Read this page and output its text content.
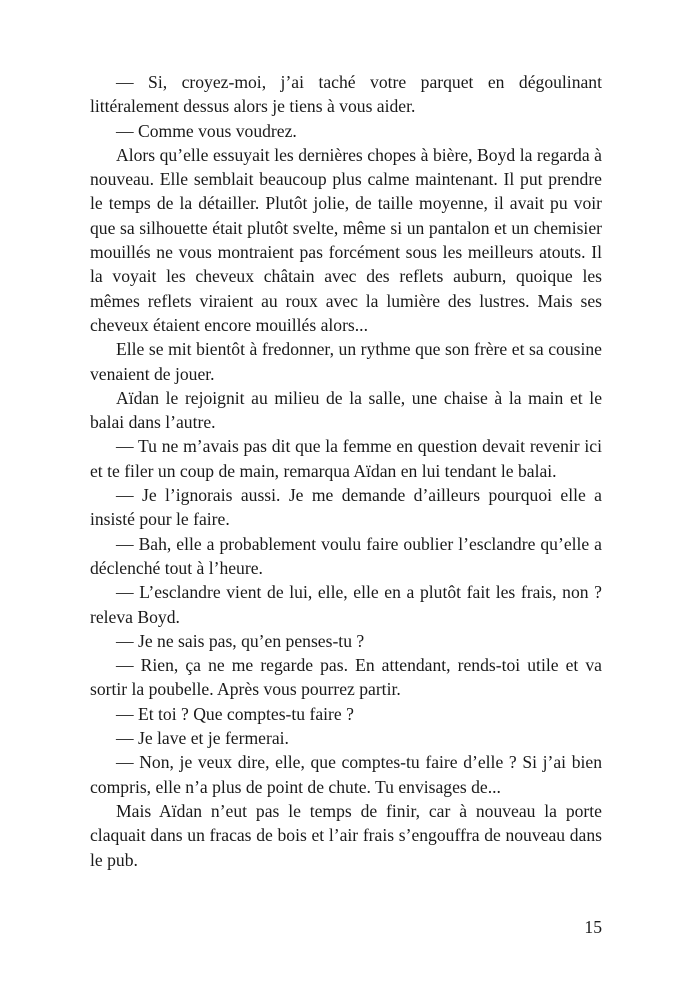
— Si, croyez-moi, j’ai taché votre parquet en dégoulinant littéralement dessus alors je tiens à vous aider.

— Comme vous voudrez.

Alors qu’elle essuyait les dernières chopes à bière, Boyd la regarda à nouveau. Elle semblait beaucoup plus calme maintenant. Il put prendre le temps de la détailler. Plutôt jolie, de taille moyenne, il avait pu voir que sa silhouette était plutôt svelte, même si un pantalon et un chemisier mouillés ne vous montraient pas forcément sous les meilleurs atouts. Il la voyait les cheveux châtain avec des reflets auburn, quoique les mêmes reflets viraient au roux avec la lumière des lustres. Mais ses cheveux étaient encore mouillés alors...

Elle se mit bientôt à fredonner, un rythme que son frère et sa cousine venaient de jouer.

Aïdan le rejoignit au milieu de la salle, une chaise à la main et le balai dans l’autre.

— Tu ne m’avais pas dit que la femme en question devait revenir ici et te filer un coup de main, remarqua Aïdan en lui tendant le balai.

— Je l’ignorais aussi. Je me demande d’ailleurs pourquoi elle a insisté pour le faire.

— Bah, elle a probablement voulu faire oublier l’esclandre qu’elle a déclenché tout à l’heure.

— L’esclandre vient de lui, elle, elle en a plutôt fait les frais, non ? releva Boyd.

— Je ne sais pas, qu’en penses-tu ?

— Rien, ça ne me regarde pas. En attendant, rends-toi utile et va sortir la poubelle. Après vous pourrez partir.

— Et toi ? Que comptes-tu faire ?

— Je lave et je fermerai.

— Non, je veux dire, elle, que comptes-tu faire d’elle ? Si j’ai bien compris, elle n’a plus de point de chute. Tu envisages de...

Mais Aïdan n’eut pas le temps de finir, car à nouveau la porte claquait dans un fracas de bois et l’air frais s’engouffra de nouveau dans le pub.

15
